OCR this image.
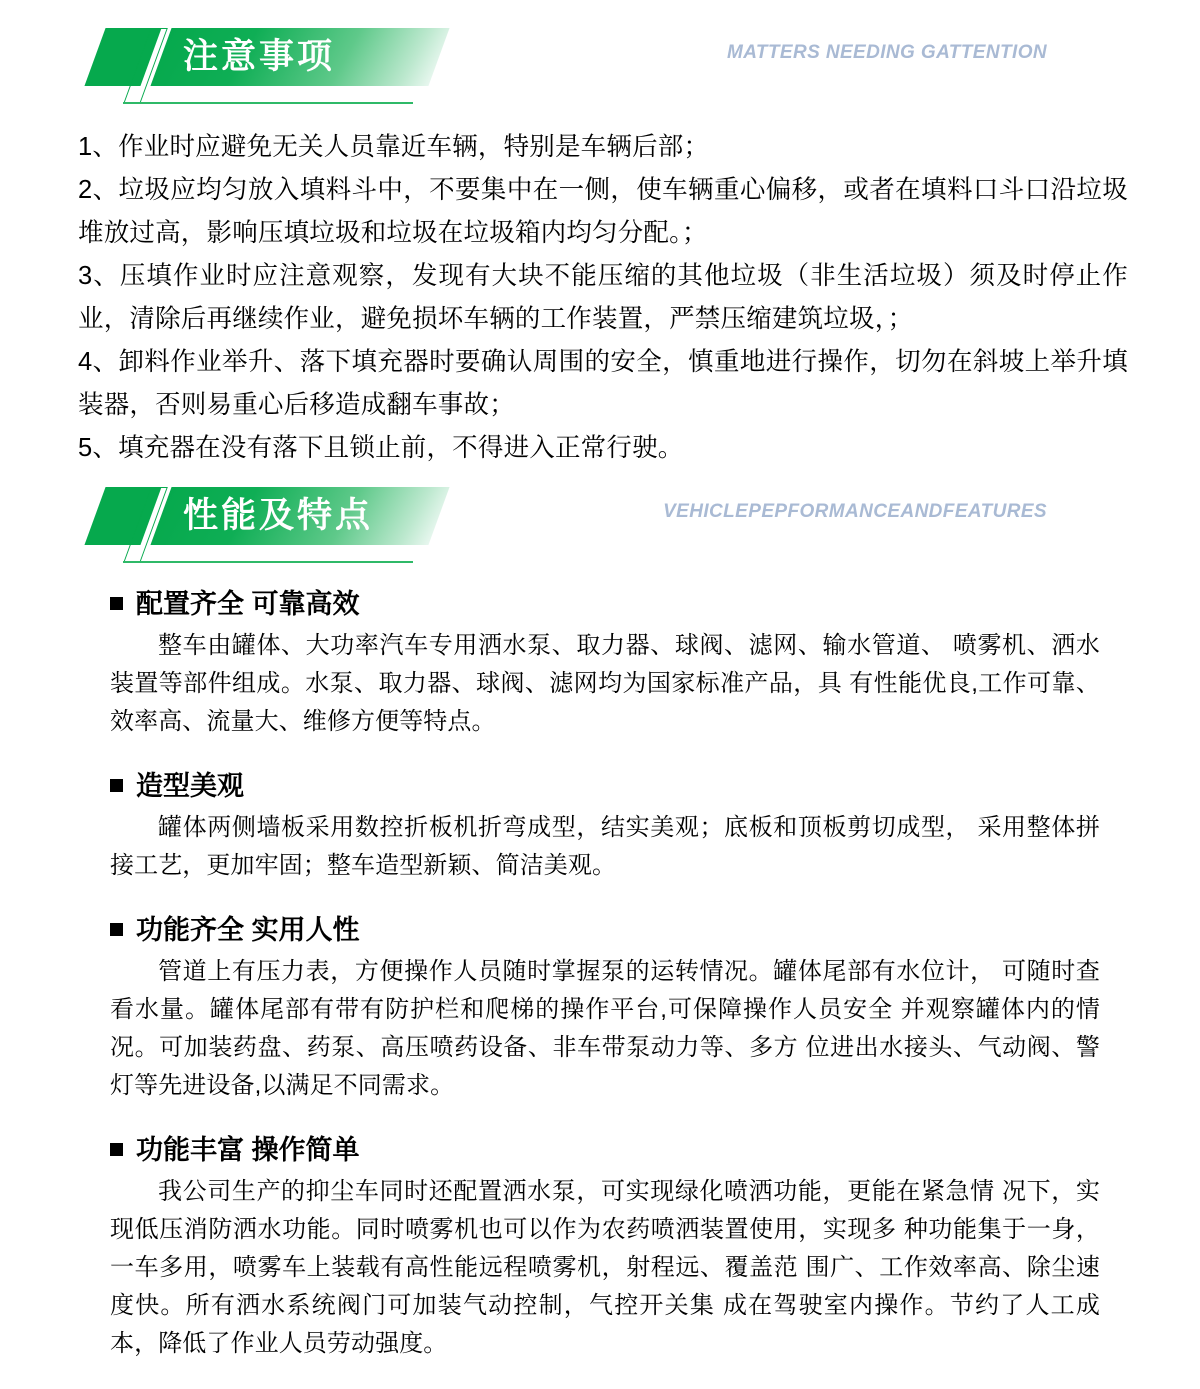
注意事项	MATTERS NEEDING GATTENTION

1、作业时应避免无关人员靠近车辆，特别是车辆后部；

2、垃圾应均匀放入填料斗中，不要集中在一侧，使车辆重心偏移，或者在填料口斗口沿垃圾堆放过高，影响压填垃圾和垃圾在垃圾箱内均匀分配。；

3、压填作业时应注意观察，发现有大块不能压缩的其他垃圾（非生活垃圾）须及时停止作业，清除后再继续作业，避免损坏车辆的工作装置，严禁压缩建筑垃圾，；

4、卸料作业举升、落下填充器时要确认周围的安全，慎重地进行操作，切勿在斜坡上举升填装器，否则易重心后移造成翻车事故；

5、填充器在没有落下且锁止前，不得进入正常行驶。

性能及特点	VEHICLEPEPFORMANCEANDFEATURES
配置齐全 可靠高效

整车由罐体、大功率汽车专用洒水泵、取力器、球阀、滤网、输水管道、 喷雾机、洒水装置等部件组成。水泵、取力器、球阀、滤网均为国家标准产品，具 有性能优良,工作可靠、效率高、流量大、维修方便等特点。

造型美观

罐体两侧墙板采用数控折板机折弯成型，结实美观；底板和顶板剪切成型， 采用整体拼接工艺，更加牢固；整车造型新颖、简洁美观。

功能齐全 实用人性

管道上有压力表，方便操作人员随时掌握泵的运转情况。罐体尾部有水位计， 可随时查看水量。罐体尾部有带有防护栏和爬梯的操作平台,可保障操作人员安全 并观察罐体内的情况。可加装药盘、药泵、高压喷药设备、非车带泵动力等、多方 位进出水接头、气动阀、警灯等先进设备,以满足不同需求。

功能丰富 操作简单

我公司生产的抑尘车同时还配置洒水泵，可实现绿化喷洒功能，更能在紧急情 况下，实现低压消防洒水功能。同时喷雾机也可以作为农药喷洒装置使用，实现多 种功能集于一身，一车多用，喷雾车上装载有高性能远程喷雾机，射程远、覆盖范 围广、工作效率高、除尘速度快。所有洒水系统阀门可加装气动控制，气控开关集 成在驾驶室内操作。节约了人工成本，降低了作业人员劳动强度。
